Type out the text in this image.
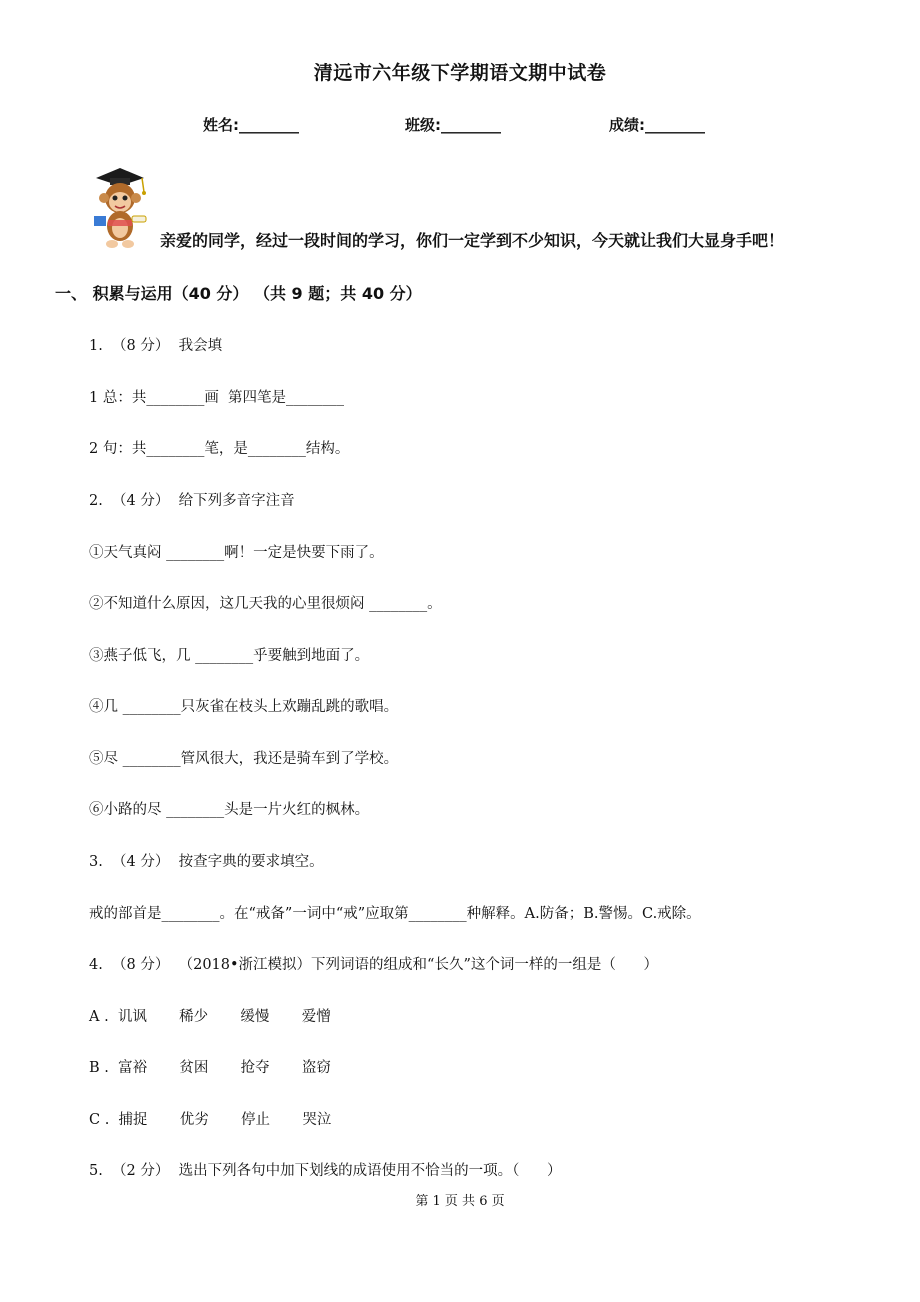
清远市六年级下学期语文期中试卷
姓名:________	班级:________	成绩:________
亲爱的同学，经过一段时间的学习，你们一定学到不少知识，今天就让我们大显身手吧！
一、 积累与运用（40 分） （共 9 题；共 40 分）
1.  （8 分）  我会填
1 总：共________画  第四笔是________
2 句：共________笔，是________结构。
2.  （4 分）  给下列多音字注音
①天气真闷 ________啊！一定是快要下雨了。
②不知道什么原因，这几天我的心里很烦闷 ________。
③燕子低飞，几 ________乎要触到地面了。
④几 ________只灰雀在枝头上欢蹦乱跳的歌唱。
⑤尽 ________管风很大，我还是骑车到了学校。
⑥小路的尽 ________头是一片火红的枫林。
3.  （4 分）  按查字典的要求填空。
戒的部首是________。在“戒备”一词中“戒”应取第________种解释。A.防备；B.警惕。C.戒除。
4.  （8 分）  （2018•浙江模拟）下列词语的组成和“长久”这个词一样的一组是（      ）
A .  讥讽       稀少       缓慢       爱憎
B .  富裕       贫困       抢夺       盗窃
C .  捕捉       优劣       停止       哭泣
5.  （2 分）  选出下列各句中加下划线的成语使用不恰当的一项。（      ）
第 1 页 共 6 页
